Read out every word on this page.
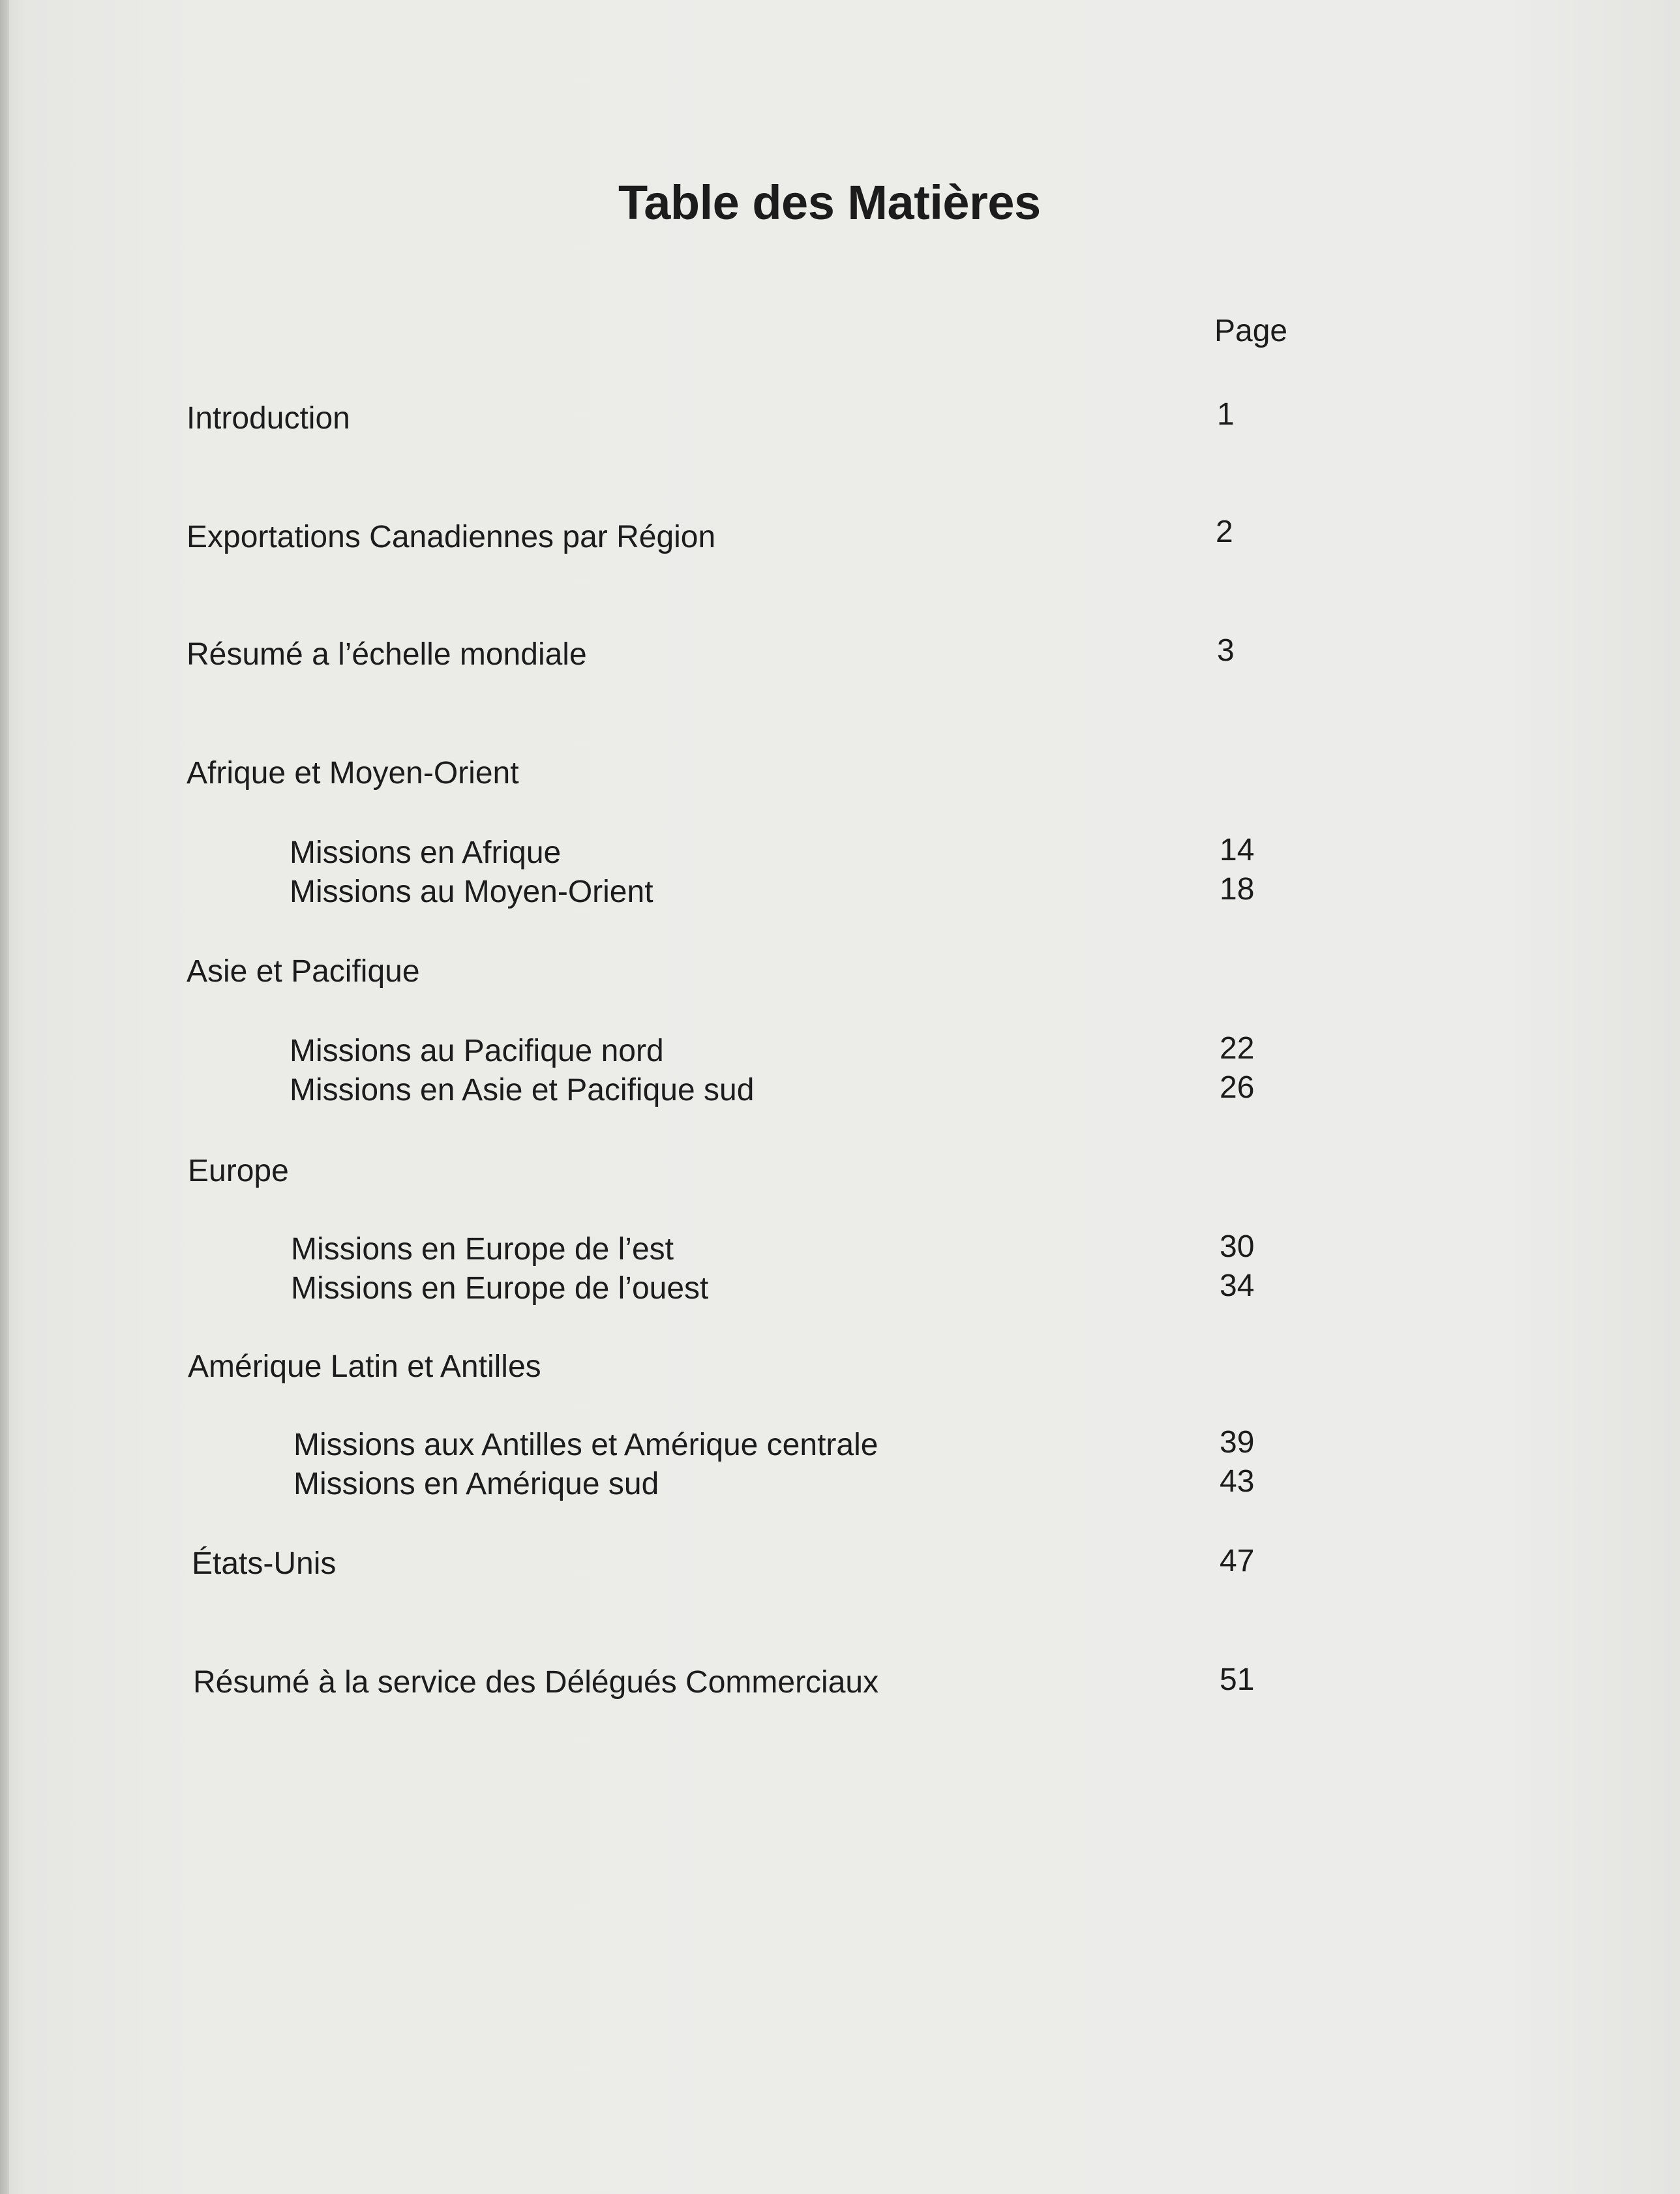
Table des Matières
Page
Introduction	1
Exportations Canadiennes par Région	2
Résumé a l’échelle mondiale	3
Afrique et Moyen-Orient
Missions en Afrique	14
Missions au Moyen-Orient	18
Asie et Pacifique
Missions au Pacifique nord	22
Missions en Asie et Pacifique sud	26
Europe
Missions en Europe de l’est	30
Missions en Europe de l’ouest	34
Amérique Latin et Antilles
Missions aux Antilles et Amérique centrale	39
Missions en Amérique sud	43
États-Unis	47
Résumé à la service des Délégués Commerciaux	51
